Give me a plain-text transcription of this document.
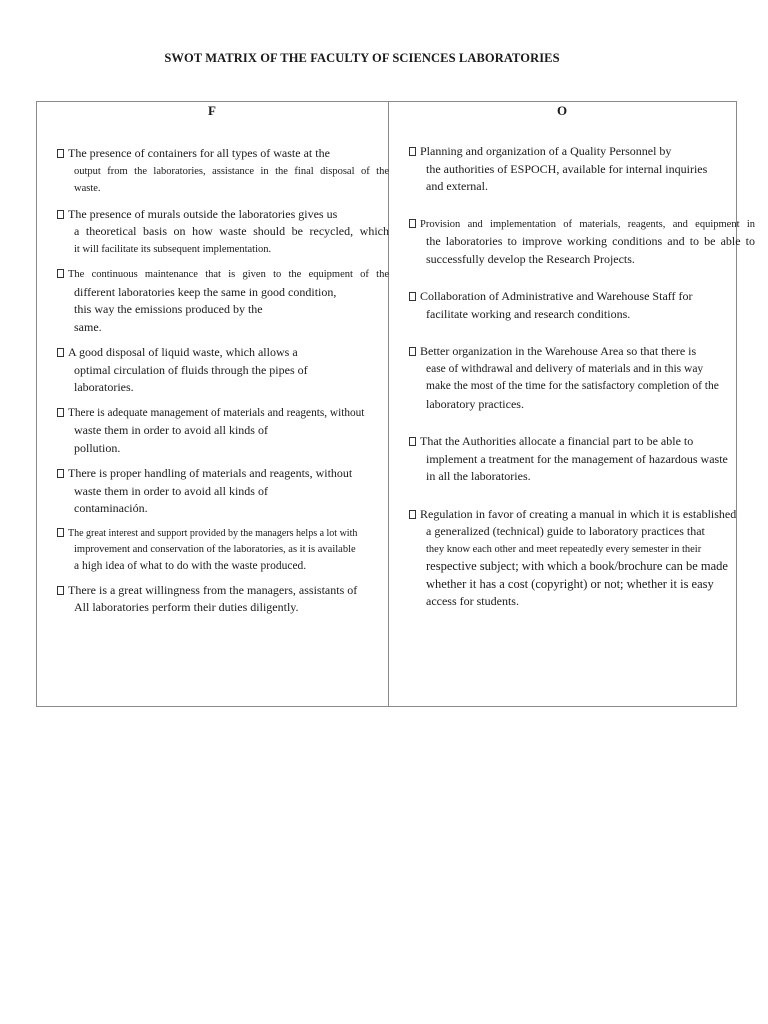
SWOT MATRIX OF THE FACULTY OF SCIENCES LABORATORIES
F	O
The presence of containers for all types of waste at the
output from the laboratories, assistance in the final disposal of the
waste.
The presence of murals outside the laboratories gives us
a theoretical basis on how waste should be recycled, which
it will facilitate its subsequent implementation.
The continuous maintenance that is given to the equipment of the
different laboratories keep the same in good condition,
this way the emissions produced by the
same.
A good disposal of liquid waste, which allows a
optimal circulation of fluids through the pipes of
laboratories.
There is adequate management of materials and reagents, without
waste them in order to avoid all kinds of
pollution.
There is proper handling of materials and reagents, without
waste them in order to avoid all kinds of
contaminación.
The great interest and support provided by the managers helps a lot with
improvement and conservation of the laboratories, as it is available
a high idea of what to do with the waste produced.
There is a great willingness from the managers, assistants of
All laboratories perform their duties diligently.
Planning and organization of a Quality Personnel by
the authorities of ESPOCH, available for internal inquiries
and external.
Provision and implementation of materials, reagents, and equipment in
the laboratories to improve working conditions and to be able to
successfully develop the Research Projects.
Collaboration of Administrative and Warehouse Staff for
facilitate working and research conditions.
Better organization in the Warehouse Area so that there is
ease of withdrawal and delivery of materials and in this way
make the most of the time for the satisfactory completion of the
laboratory practices.
That the Authorities allocate a financial part to be able to
implement a treatment for the management of hazardous waste
in all the laboratories.
Regulation in favor of creating a manual in which it is established
a generalized (technical) guide to laboratory practices that
they know each other and meet repeatedly every semester in their
respective subject; with which a book/brochure can be made
whether it has a cost (copyright) or not; whether it is easy
access for students.
